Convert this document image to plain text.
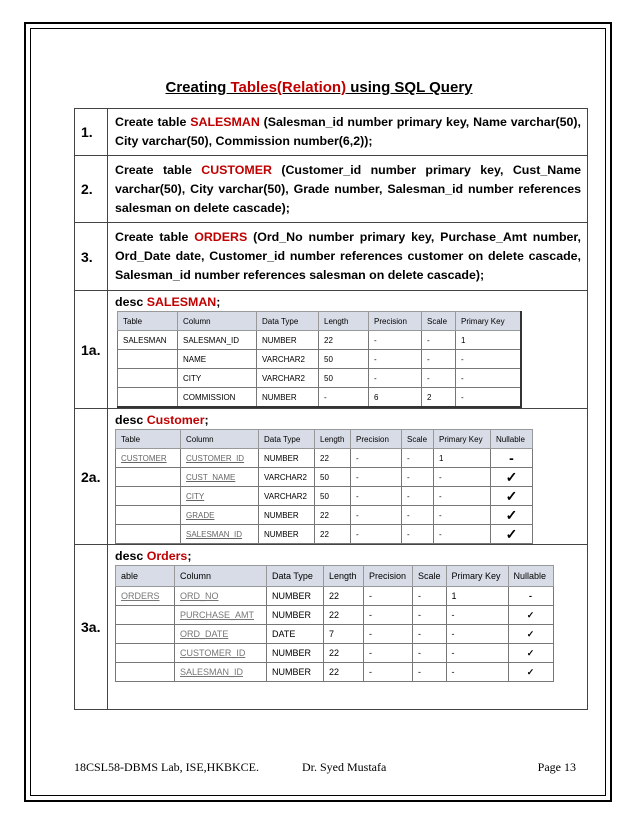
Creating Tables(Relation) using SQL Query
1.	Create table SALESMAN (Salesman_id number primary key, Name varchar(50), City varchar(50), Commission number(6,2));
2.	Create table CUSTOMER (Customer_id number primary key, Cust_Name varchar(50), City varchar(50), Grade number, Salesman_id number references salesman on delete cascade);
3.	Create table ORDERS (Ord_No number primary key, Purchase_Amt number, Ord_Date date, Customer_id number references customer on delete cascade, Salesman_id number references salesman on delete cascade);
1a.	
desc SALESMAN;
Table	Column	Data Type	Length	Precision	Scale	Primary Key
SALESMAN	SALESMAN_ID	NUMBER	22	-	-	1
	NAME	VARCHAR2	50	-	-	-
	CITY	VARCHAR2	50	-	-	-
	COMMISSION	NUMBER	-	6	2	-

2a.	
desc Customer;
Table	Column	Data Type	Length	Precision	Scale	Primary Key	Nullable
CUSTOMER	CUSTOMER_ID	NUMBER	22	-	-	1	-
	CUST_NAME	VARCHAR2	50	-	-	-	✓
	CITY	VARCHAR2	50	-	-	-	✓
	GRADE	NUMBER	22	-	-	-	✓
	SALESMAN_ID	NUMBER	22	-	-	-	✓

3a.	
desc Orders;
able	Column	Data Type	Length	Precision	Scale	Primary Key	Nullable
ORDERS	ORD_NO	NUMBER	22	-	-	1	-
	PURCHASE_AMT	NUMBER	22	-	-	-	✓
	ORD_DATE	DATE	7	-	-	-	✓
	CUSTOMER_ID	NUMBER	22	-	-	-	✓
	SALESMAN_ID	NUMBER	22	-	-	-	✓
18CSL58-DBMS Lab, ISE,HKBKCE.	Dr. Syed Mustafa	Page 13
